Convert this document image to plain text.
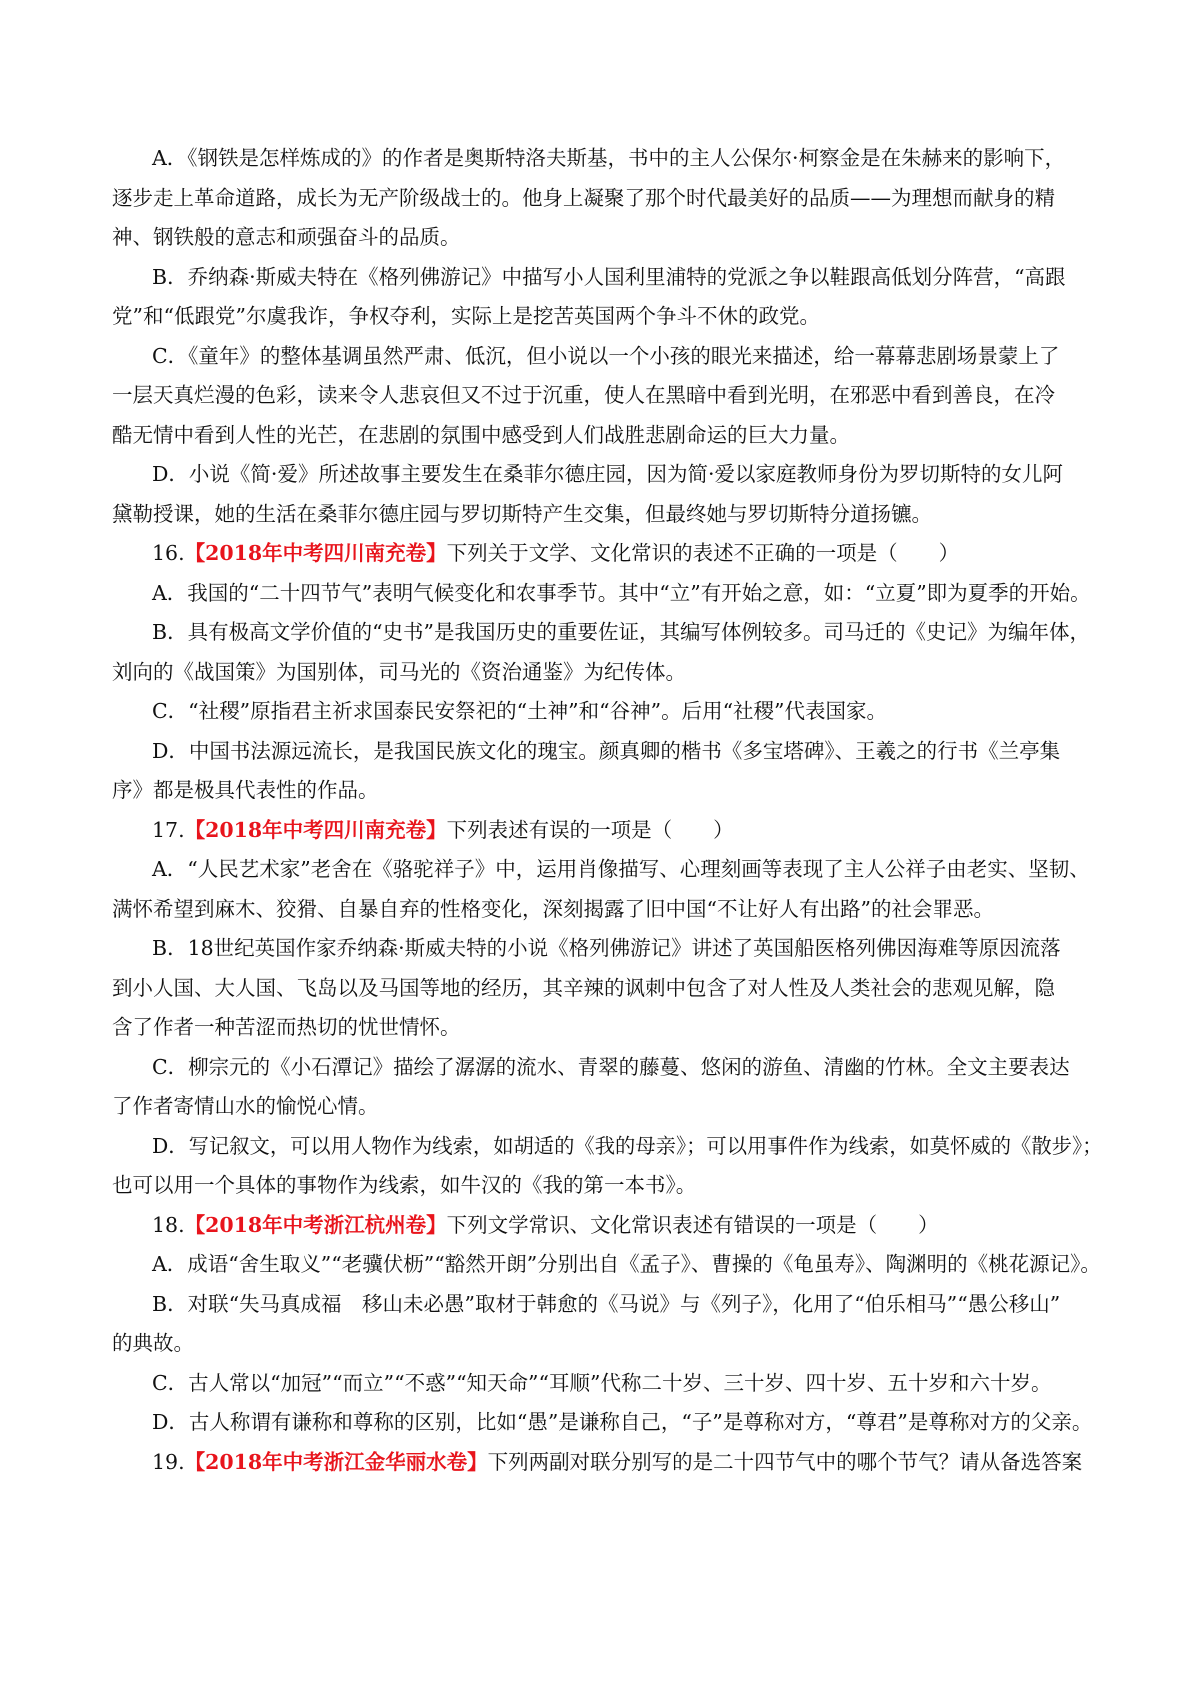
A．《钢铁是怎样炼成的》的作者是奥斯特洛夫斯基，书中的主人公保尔·柯察金是在朱赫来的影响下，
逐步走上革命道路，成长为无产阶级战士的。他身上凝聚了那个时代最美好的品质——为理想而献身的精
神、钢铁般的意志和顽强奋斗的品质。
B．乔纳森·斯威夫特在《格列佛游记》中描写小人国利里浦特的党派之争以鞋跟高低划分阵营，“高跟
党”和“低跟党”尔虞我诈，争权夺利，实际上是挖苦英国两个争斗不休的政党。
C．《童年》的整体基调虽然严肃、低沉，但小说以一个小孩的眼光来描述，给一幕幕悲剧场景蒙上了
一层天真烂漫的色彩，读来令人悲哀但又不过于沉重，使人在黑暗中看到光明，在邪恶中看到善良，在冷
酷无情中看到人性的光芒，在悲剧的氛围中感受到人们战胜悲剧命运的巨大力量。
D．小说《简·爱》所述故事主要发生在桑菲尔德庄园，因为简·爱以家庭教师身份为罗切斯特的女儿阿
黛勒授课，她的生活在桑菲尔德庄园与罗切斯特产生交集，但最终她与罗切斯特分道扬镳。
16.【2018年中考四川南充卷】下列关于文学、文化常识的表述不正确的一项是（　　）
A．我国的“二十四节气”表明气候变化和农事季节。其中“立”有开始之意，如：“立夏”即为夏季的开始。
B．具有极高文学价值的“史书”是我国历史的重要佐证，其编写体例较多。司马迁的《史记》为编年体，
刘向的《战国策》为国别体，司马光的《资治通鉴》为纪传体。
C．“社稷”原指君主祈求国泰民安祭祀的“土神”和“谷神”。后用“社稷”代表国家。
D．中国书法源远流长，是我国民族文化的瑰宝。颜真卿的楷书《多宝塔碑》、王羲之的行书《兰亭集
序》都是极具代表性的作品。
17.【2018年中考四川南充卷】下列表述有误的一项是（　　）
A．“人民艺术家”老舍在《骆驼祥子》中，运用肖像描写、心理刻画等表现了主人公祥子由老实、坚韧、
满怀希望到麻木、狡猾、自暴自弃的性格变化，深刻揭露了旧中国“不让好人有出路”的社会罪恶。
B．18世纪英国作家乔纳森·斯威夫特的小说《格列佛游记》讲述了英国船医格列佛因海难等原因流落
到小人国、大人国、飞岛以及马国等地的经历，其辛辣的讽刺中包含了对人性及人类社会的悲观见解，隐
含了作者一种苦涩而热切的忧世情怀。
C．柳宗元的《小石潭记》描绘了潺潺的流水、青翠的藤蔓、悠闲的游鱼、清幽的竹林。全文主要表达
了作者寄情山水的愉悦心情。
D．写记叙文，可以用人物作为线索，如胡适的《我的母亲》；可以用事件作为线索，如莫怀威的《散步》；
也可以用一个具体的事物作为线索，如牛汉的《我的第一本书》。
18.【2018年中考浙江杭州卷】下列文学常识、文化常识表述有错误的一项是（　　）
A．成语“舍生取义”“老骥伏枥”“豁然开朗”分别出自《孟子》、曹操的《龟虽寿》、陶渊明的《桃花源记》。
B．对联“失马真成福　移山未必愚”取材于韩愈的《马说》与《列子》，化用了“伯乐相马”“愚公移山”
的典故。
C．古人常以“加冠”“而立”“不惑”“知天命”“耳顺”代称二十岁、三十岁、四十岁、五十岁和六十岁。
D．古人称谓有谦称和尊称的区别，比如“愚”是谦称自己，“子”是尊称对方，“尊君”是尊称对方的父亲。
19.【2018年中考浙江金华丽水卷】下列两副对联分别写的是二十四节气中的哪个节气？请从备选答案
